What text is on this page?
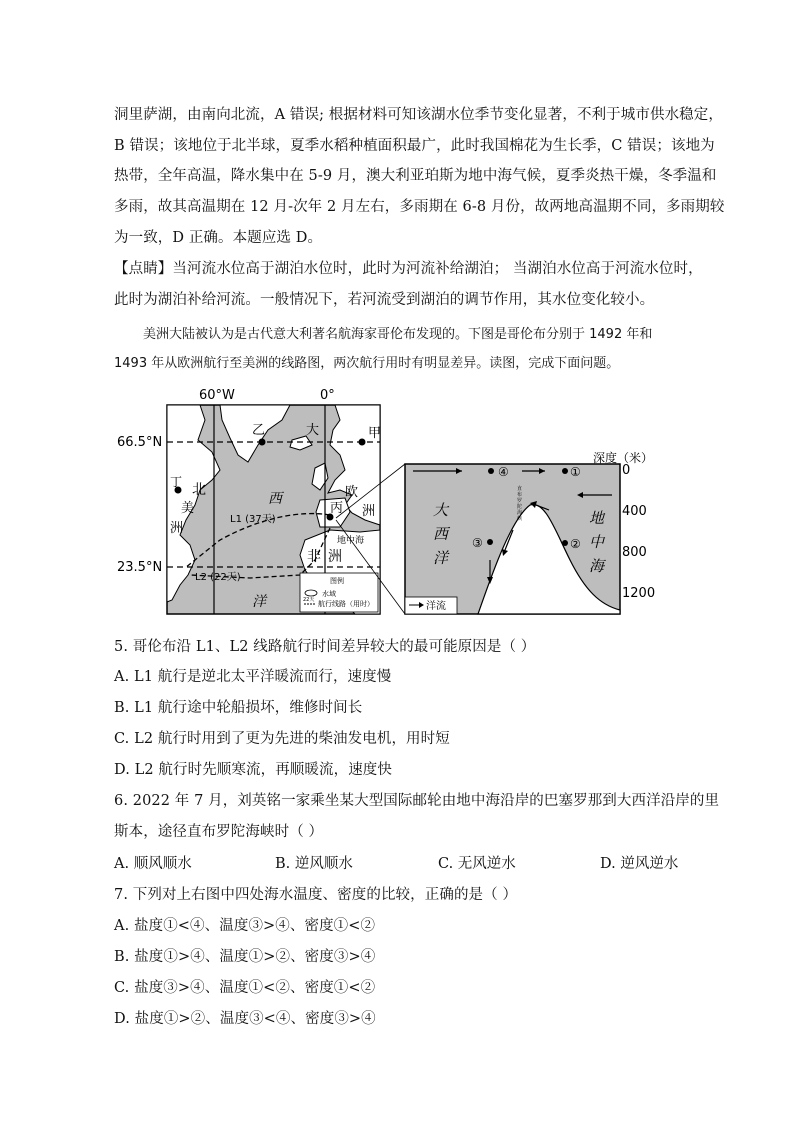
洞里萨湖，由南向北流，A 错误; 根据材料可知该湖水位季节变化显著，不利于城市供水稳定，
B 错误；该地位于北半球，夏季水稻种植面积最广，此时我国棉花为生长季，C 错误；该地为
热带，全年高温，降水集中在 5-9 月，澳大利亚珀斯为地中海气候，夏季炎热干燥，冬季温和
多雨，故其高温期在 12 月-次年 2 月左右，多雨期在 6-8 月份，故两地高温期不同，多雨期较
为一致，D 正确。本题应选 D。
【点睛】当河流水位高于湖泊水位时，此时为河流补给湖泊； 当湖泊水位高于河流水位时，
此时为湖泊补给河流。一般情况下，若河流受到湖泊的调节作用，其水位变化较小。
美洲大陆被认为是古代意大利著名航海家哥伦布发现的。下图是哥伦布分别于 1492 年和
1493 年从欧洲航行至美洲的线路图，两次航行用时有明显差异。读图，完成下面问题。
60°W	0°
66.5°N
23.5°N
乙	大	甲
北
美
丁
洲
西	欧
丙 洲
地中海
非 洲
洋
L1 (37天)
L2 (22天)	图例
水域
22天 航行线路（用时）
④	①
②
③
直
布
罗
陀
海
峡
大
西
洋
地
中
海
深度（米）
0
400
800
1200
洋流
5. 哥伦布沿 L1、L2 线路航行时间差异较大的最可能原因是（ ）
A. L1 航行是逆北太平洋暖流而行，速度慢
B. L1 航行途中轮船损坏，维修时间长
C. L2 航行时用到了更为先进的柴油发电机，用时短
D. L2 航行时先顺寒流，再顺暖流，速度快
6. 2022 年 7 月，刘英铭一家乘坐某大型国际邮轮由地中海沿岸的巴塞罗那到大西洋沿岸的里
斯本，途径直布罗陀海峡时（ ）
A. 顺风顺水	B. 逆风顺水	C. 无风逆水	D. 逆风逆水
7. 下列对上右图中四处海水温度、密度的比较，正确的是（ ）
A. 盐度①<④、温度③>④、密度①<②
B. 盐度①>④、温度①>②、密度③>④
C. 盐度③>④、温度①<②、密度①<②
D. 盐度①>②、温度③<④、密度③>④
